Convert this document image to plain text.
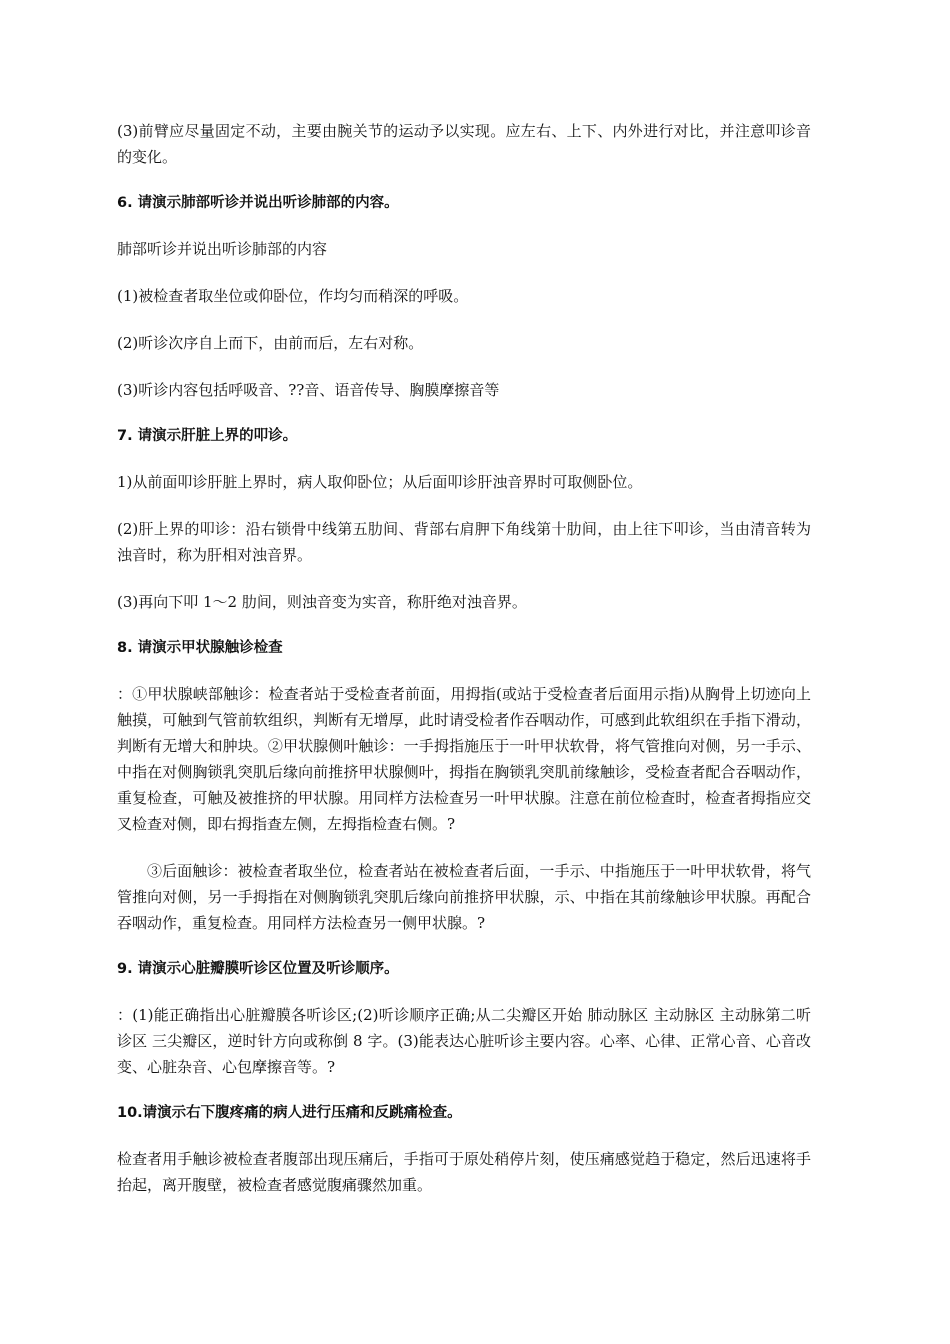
(3)前臂应尽量固定不动，主要由腕关节的运动予以实现。应左右、上下、内外进行对比，并注意叩诊音的变化。

6. 请演示肺部听诊并说出听诊肺部的内容。

肺部听诊并说出听诊肺部的内容

(1)被检查者取坐位或仰卧位，作均匀而稍深的呼吸。

(2)听诊次序自上而下，由前而后，左右对称。

(3)听诊内容包括呼吸音、??音、语音传导、胸膜摩擦音等

7. 请演示肝脏上界的叩诊。

1)从前面叩诊肝脏上界时，病人取仰卧位；从后面叩诊肝浊音界时可取侧卧位。

(2)肝上界的叩诊：沿右锁骨中线第五肋间、背部右肩胛下角线第十肋间，由上往下叩诊，当由清音转为浊音时，称为肝相对浊音界。

(3)再向下叩 1～2 肋间，则浊音变为实音，称肝绝对浊音界。

8. 请演示甲状腺触诊检查

：①甲状腺峡部触诊：检查者站于受检查者前面，用拇指(或站于受检查者后面用示指)从胸骨上切迹向上触摸，可触到气管前软组织，判断有无增厚，此时请受检者作吞咽动作，可感到此软组织在手指下滑动，判断有无增大和肿块。②甲状腺侧叶触诊：一手拇指施压于一叶甲状软骨，将气管推向对侧，另一手示、中指在对侧胸锁乳突肌后缘向前推挤甲状腺侧叶，拇指在胸锁乳突肌前缘触诊，受检查者配合吞咽动作，重复检查，可触及被推挤的甲状腺。用同样方法检查另一叶甲状腺。注意在前位检查时，检查者拇指应交叉检查对侧，即右拇指查左侧，左拇指检查右侧。?

③后面触诊：被检查者取坐位，检查者站在被检查者后面，一手示、中指施压于一叶甲状软骨，将气管推向对侧，另一手拇指在对侧胸锁乳突肌后缘向前推挤甲状腺，示、中指在其前缘触诊甲状腺。再配合吞咽动作，重复检查。用同样方法检查另一侧甲状腺。?

9. 请演示心脏瓣膜听诊区位置及听诊顺序。

：(1)能正确指出心脏瓣膜各听诊区;(2)听诊顺序正确;从二尖瓣区开始 肺动脉区 主动脉区 主动脉第二听诊区 三尖瓣区，逆时针方向或称倒 8 字。(3)能表达心脏听诊主要内容。心率、心律、正常心音、心音改变、心脏杂音、心包摩擦音等。?

10.请演示右下腹疼痛的病人进行压痛和反跳痛检查。

检查者用手触诊被检查者腹部出现压痛后，手指可于原处稍停片刻，使压痛感觉趋于稳定，然后迅速将手抬起，离开腹壁，被检查者感觉腹痛骤然加重。
